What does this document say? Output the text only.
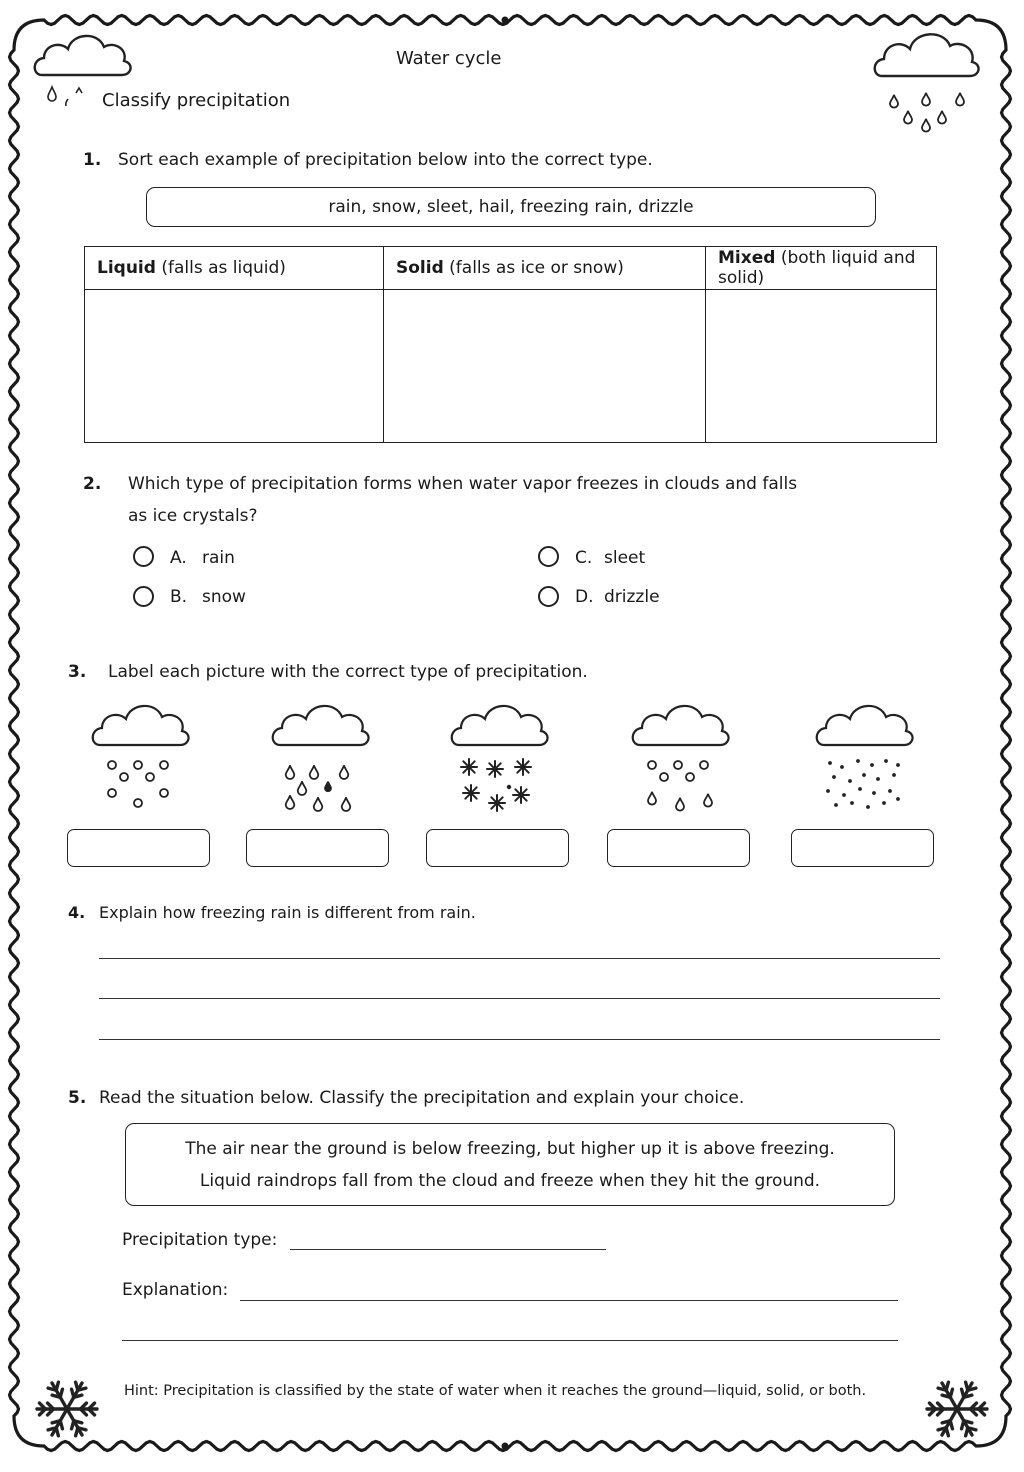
Water cycle
Classify precipitation
1. Sort each example of precipitation below into the correct type.
rain, snow, sleet, hail, freezing rain, drizzle
Liquid (falls as liquid)	Solid (falls as ice or snow)	Mixed (both liquid and solid)

2. Which type of precipitation forms when water vapor freezes in clouds and falls
as ice crystals?
A. rain
B. snow
C. sleet
D. drizzle
3. Label each picture with the correct type of precipitation.
4. Explain how freezing rain is different from rain.
5. Read the situation below. Classify the precipitation and explain your choice.
The air near the ground is below freezing, but higher up it is above freezing.
Liquid raindrops fall from the cloud and freeze when they hit the ground.
Precipitation type:
Explanation:
Hint: Precipitation is classified by the state of water when it reaches the ground—liquid, solid, or both.
